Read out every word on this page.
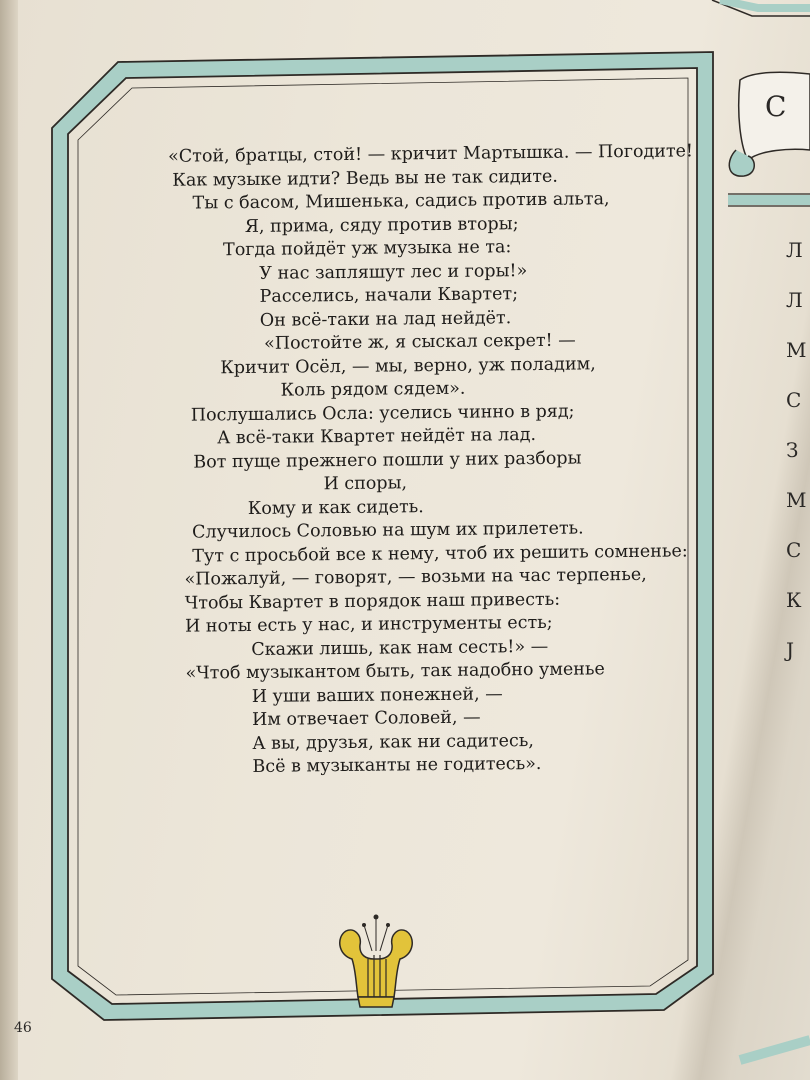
С
Л
Л
М
С
З
М
С
К
J
«Стой, братцы, стой! — кричит Мартышка. — Погодите!
Как музыке идти? Ведь вы не так сидите.
Ты с басом, Мишенька, садись против альта,
Я, прима, сяду против вторы;
Тогда пойдёт уж музыка не та:
У нас запляшут лес и горы!»
Расселись, начали Квартет;
Он всё-таки на лад нейдёт.
«Постойте ж, я сыскал секрет! —
Кричит Осёл, — мы, верно, уж поладим,
Коль рядом сядем».
Послушались Осла: уселись чинно в ряд;
А всё-таки Квартет нейдёт на лад.
Вот пуще прежнего пошли у них разборы
И споры,
Кому и как сидеть.
Случилось Соловью на шум их прилететь.
Тут с просьбой все к нему, чтоб их решить сомненье:
«Пожалуй, — говорят, — возьми на час терпенье,
Чтобы Квартет в порядок наш привесть:
И ноты есть у нас, и инструменты есть;
Скажи лишь, как нам сесть!» —
«Чтоб музыкантом быть, так надобно уменье
И уши ваших понежней, —
Им отвечает Соловей, —
А вы, друзья, как ни садитесь,
Всё в музыканты не годитесь».
46
